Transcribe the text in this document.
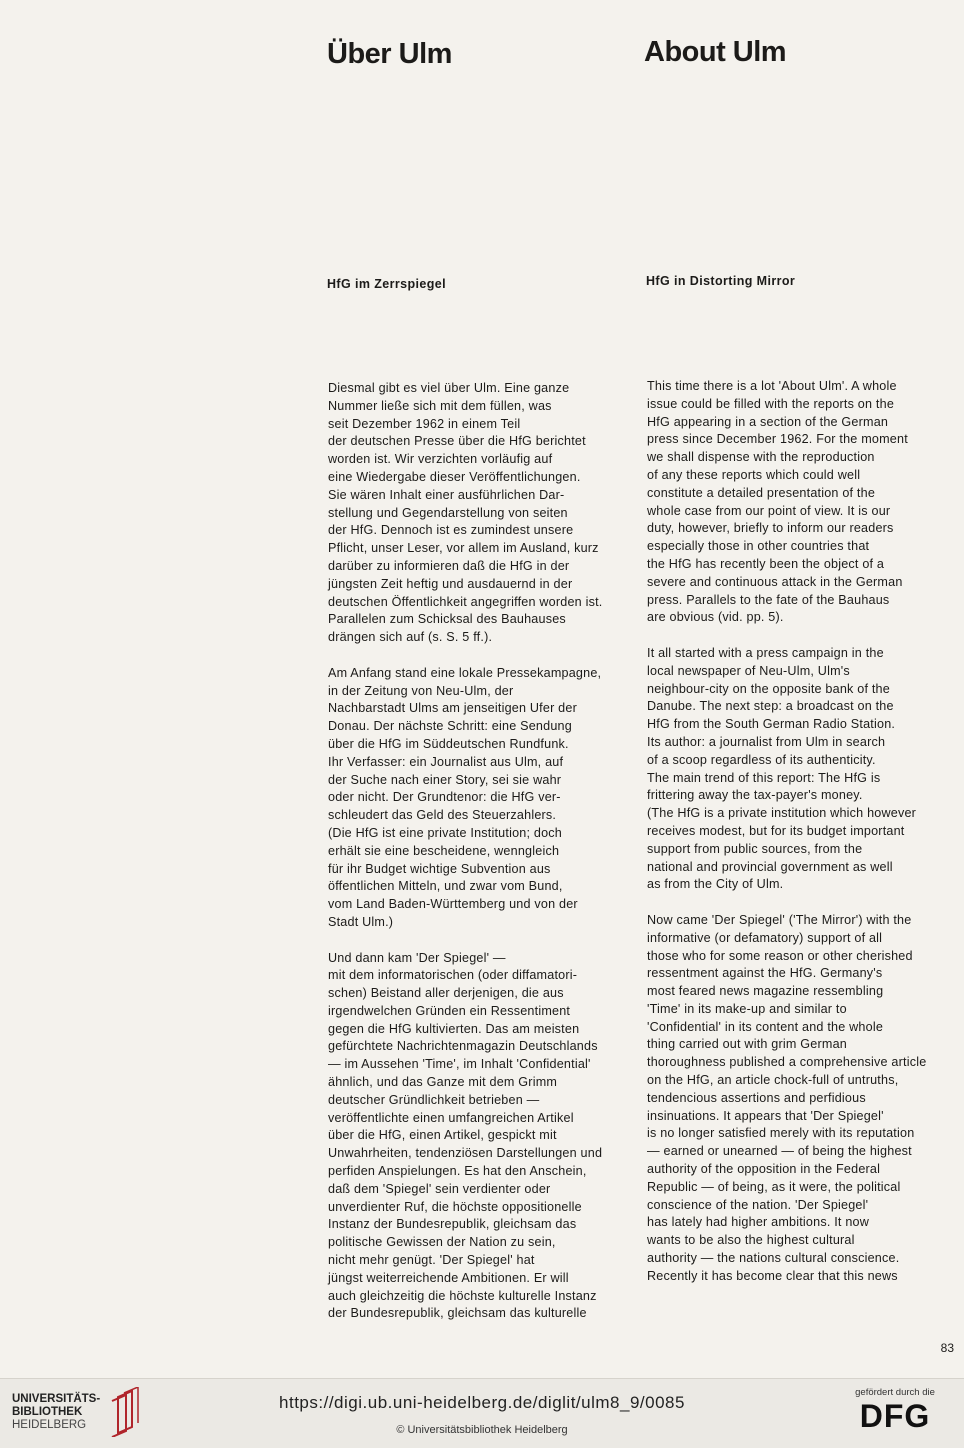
Über Ulm	About Ulm
HfG im Zerrspiegel	HfG in Distorting Mirror

Diesmal gibt es viel über Ulm. Eine ganze
Nummer ließe sich mit dem füllen, was
seit Dezember 1962 in einem Teil
der deutschen Presse über die HfG berichtet
worden ist. Wir verzichten vorläufig auf
eine Wiedergabe dieser Veröffentlichungen.
Sie wären Inhalt einer ausführlichen Dar-
stellung und Gegendarstellung von seiten
der HfG. Dennoch ist es zumindest unsere
Pflicht, unser Leser, vor allem im Ausland, kurz
darüber zu informieren daß die HfG in der
jüngsten Zeit heftig und ausdauernd in der
deutschen Öffentlichkeit angegriffen worden ist.
Parallelen zum Schicksal des Bauhauses
drängen sich auf (s. S. 5 ff.).

Am Anfang stand eine lokale Pressekampagne,
in der Zeitung von Neu-Ulm, der
Nachbarstadt Ulms am jenseitigen Ufer der
Donau. Der nächste Schritt: eine Sendung
über die HfG im Süddeutschen Rundfunk.
Ihr Verfasser: ein Journalist aus Ulm, auf
der Suche nach einer Story, sei sie wahr
oder nicht. Der Grundtenor: die HfG ver-
schleudert das Geld des Steuerzahlers.
(Die HfG ist eine private Institution; doch
erhält sie eine bescheidene, wenngleich
für ihr Budget wichtige Subvention aus
öffentlichen Mitteln, und zwar vom Bund,
vom Land Baden-Württemberg und von der
Stadt Ulm.)

Und dann kam 'Der Spiegel' —
mit dem informatorischen (oder diffamatori-
schen) Beistand aller derjenigen, die aus
irgendwelchen Gründen ein Ressentiment
gegen die HfG kultivierten. Das am meisten
gefürchtete Nachrichtenmagazin Deutschlands
— im Aussehen 'Time', im Inhalt 'Confidential'
ähnlich, und das Ganze mit dem Grimm
deutscher Gründlichkeit betrieben —
veröffentlichte einen umfangreichen Artikel
über die HfG, einen Artikel, gespickt mit
Unwahrheiten, tendenziösen Darstellungen und
perfiden Anspielungen. Es hat den Anschein,
daß dem 'Spiegel' sein verdienter oder
unverdienter Ruf, die höchste oppositionelle
Instanz der Bundesrepublik, gleichsam das
politische Gewissen der Nation zu sein,
nicht mehr genügt. 'Der Spiegel' hat
jüngst weiterreichende Ambitionen. Er will
auch gleichzeitig die höchste kulturelle Instanz
der Bundesrepublik, gleichsam das kulturelle

This time there is a lot 'About Ulm'. A whole
issue could be filled with the reports on the
HfG appearing in a section of the German
press since December 1962. For the moment
we shall dispense with the reproduction
of any these reports which could well
constitute a detailed presentation of the
whole case from our point of view. It is our
duty, however, briefly to inform our readers
especially those in other countries that
the HfG has recently been the object of a
severe and continuous attack in the German
press. Parallels to the fate of the Bauhaus
are obvious (vid. pp. 5).

It all started with a press campaign in the
local newspaper of Neu-Ulm, Ulm's
neighbour-city on the opposite bank of the
Danube. The next step: a broadcast on the
HfG from the South German Radio Station.
Its author: a journalist from Ulm in search
of a scoop regardless of its authenticity.
The main trend of this report: The HfG is
frittering away the tax-payer's money.
(The HfG is a private institution which however
receives modest, but for its budget important
support from public sources, from the
national and provincial government as well
as from the City of Ulm.

Now came 'Der Spiegel' ('The Mirror') with the
informative (or defamatory) support of all
those who for some reason or other cherished
ressentment against the HfG. Germany's
most feared news magazine ressembling
'Time' in its make-up and similar to
'Confidential' in its content and the whole
thing carried out with grim German
thoroughness published a comprehensive article
on the HfG, an article chock-full of untruths,
tendencious assertions and perfidious
insinuations. It appears that 'Der Spiegel'
is no longer satisfied merely with its reputation
— earned or unearned — of being the highest
authority of the opposition in the Federal
Republic — of being, as it were, the political
conscience of the nation. 'Der Spiegel'
has lately had higher ambitions. It now
wants to be also the highest cultural
authority — the nations cultural conscience.
Recently it has become clear that this news

83
UNIVERSITÄTS-
BIBLIOTHEK
HEIDELBERG
https://digi.ub.uni-heidelberg.de/diglit/ulm8_9/0085
© Universitätsbibliothek Heidelberg
gefördert durch die
DFG
